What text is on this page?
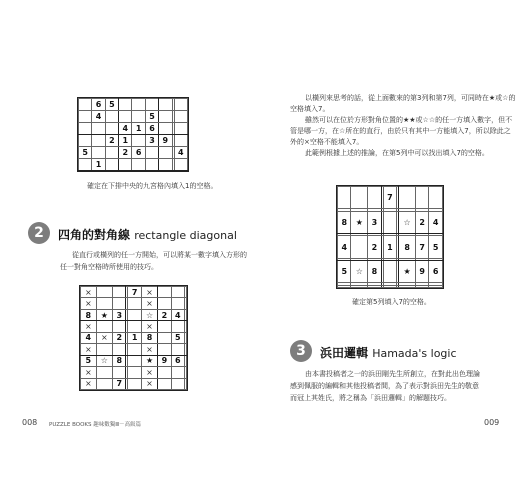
	6	5						
	4				5			
			4	1	6			
		2	1		3	9		
5			2	6				4
	1							
確定在下排中央的九宮格內填入1的空格。
2	四角的對角線 rectangle diagonal
從直行或橫列的任一方開始，可以將某一數字填入方形的
任一對角空格時所使用的技巧。
×				7	×			
×					×			
8	★	3			☆	2	4	
×					×			
4	×	2		1	8		5	
×					×			
5	☆	8			★	9	6	
×					×			
×		7			×			
008 PUZZLE BOOKS 趣味數獨Ⅲ－高級篇
以橫列來思考的話，從上面數來的第3列和第7列，可同時在★或☆的
空格填入7。
雖然可以在位於方形對角位置的★★或☆☆的任一方填入數字，但不
管是哪一方，在☆所在的直行，由於只有其中一方能填入7，所以除此之
外的×空格不能填入7。
此範例根據上述的推論，在第5列中可以找出填入7的空格。
				7				

8	★	3				☆	2	4

4		2		1		8	7	5

5	☆	8				★	9	6

確定第5列填入7的空格。
3	浜田邏輯 Hamada's logic
由本書投稿者之一的浜田剛先生所創立，在對此出色理論
感到佩服的編輯和其他投稿者間，為了表示對浜田先生的敬意
而冠上其姓氏，將之稱為「浜田邏輯」的解題技巧。
009
